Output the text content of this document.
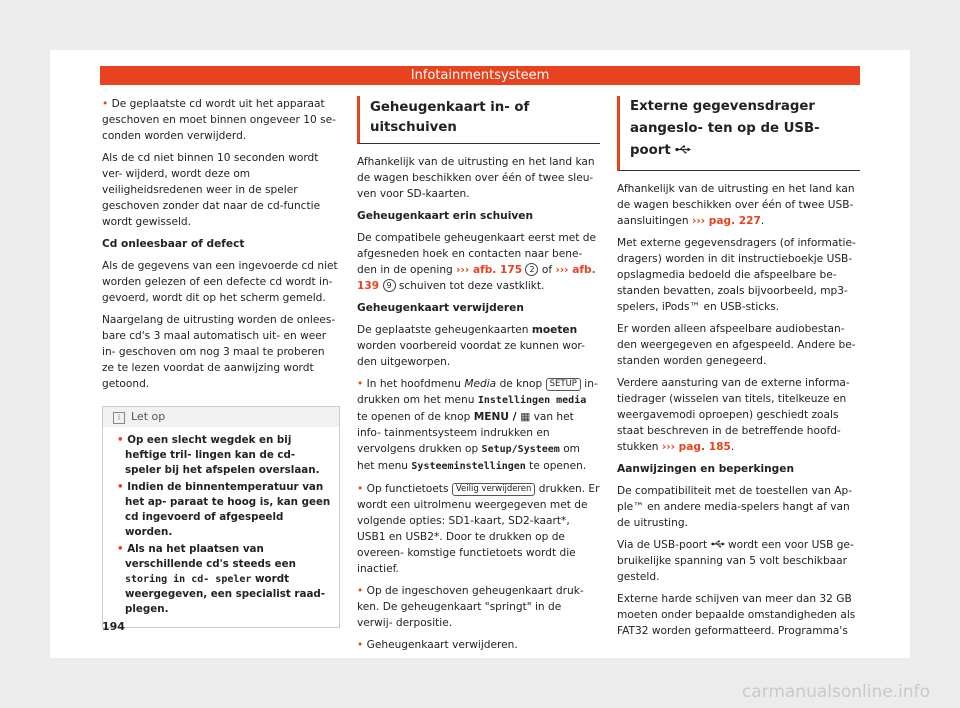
Infotainmentsysteem

• De geplaatste cd wordt uit het apparaat geschoven en moet binnen ongeveer 10 se- conden worden verwijderd.

Als de cd niet binnen 10 seconden wordt ver- wijderd, wordt deze om veiligheidsredenen weer in de speler geschoven zonder dat naar de cd-functie wordt gewisseld.

Cd onleesbaar of defect

Als de gegevens van een ingevoerde cd niet worden gelezen of een defecte cd wordt in- gevoerd, wordt dit op het scherm gemeld.

Naargelang de uitrusting worden de onlees- bare cd's 3 maal automatisch uit- en weer in- geschoven om nog 3 maal te proberen ze te lezen voordat de aanwijzing wordt getoond.

i Let op
• Op een slecht wegdek en bij heftige tril- lingen kan de cd-speler bij het afspelen overslaan.
• Indien de binnentemperatuur van het ap- paraat te hoog is, kan geen cd ingevoerd of afgespeeld worden.
• Als na het plaatsen van verschillende cd's steeds een storing in cd- speler wordt weergegeven, een specialist raad- plegen.
Geheugenkaart in- of uitschuiven

Afhankelijk van de uitrusting en het land kan de wagen beschikken over één of twee sleu- ven voor SD-kaarten.

Geheugenkaart erin schuiven

De compatibele geheugenkaart eerst met de afgesneden hoek en contacten naar bene- den in de opening ››› afb. 175 2 of ››› afb. 139 9 schuiven tot deze vastklikt.

Geheugenkaart verwijderen

De geplaatste geheugenkaarten moeten worden voorbereid voordat ze kunnen wor- den uitgeworpen.

• In het hoofdmenu Media de knop SETUP in- drukken om het menu Instellingen media te openen of de knop MENU / ▦ van het info- tainmentsysteem indrukken en vervolgens drukken op Setup/Systeem om het menu Systeeminstellingen te openen.

• Op functietoets Veilig verwijderen drukken. Er wordt een uitrolmenu weergegeven met de volgende opties: SD1-kaart, SD2-kaart*, USB1 en USB2*. Door te drukken op de overeen- komstige functietoets wordt die inactief.

• Op de ingeschoven geheugenkaart druk- ken. De geheugenkaart "springt" in de verwij- derpositie.

• Geheugenkaart verwijderen.

Externe gegevensdrager aangeslo- ten op de USB-poort

Afhankelijk van de uitrusting en het land kan de wagen beschikken over één of twee USB- aansluitingen ››› pag. 227.

Met externe gegevensdragers (of informatie- dragers) worden in dit instructieboekje USB- opslagmedia bedoeld die afspeelbare be- standen bevatten, zoals bijvoorbeeld, mp3- spelers, iPods™ en USB-sticks.

Er worden alleen afspeelbare audiobestan- den weergegeven en afgespeeld. Andere be- standen worden genegeerd.

Verdere aansturing van de externe informa- tiedrager (wisselen van titels, titelkeuze en weergavemodi oproepen) geschiedt zoals staat beschreven in de betreffende hoofd- stukken ››› pag. 185.

Aanwijzingen en beperkingen

De compatibiliteit met de toestellen van Ap- ple™ en andere media-spelers hangt af van de uitrusting.

Via de USB-poort wordt een voor USB ge- bruikelijke spanning van 5 volt beschikbaar gesteld.

Externe harde schijven van meer dan 32 GB moeten onder bepaalde omstandigheden als FAT32 worden geformatteerd. Programma's

194
carmanualsonline.info
